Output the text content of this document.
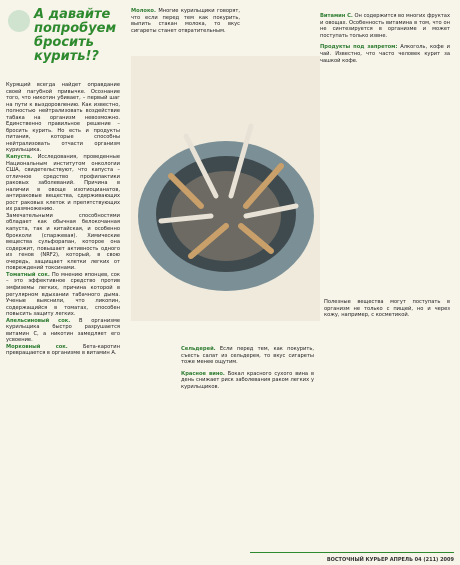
А давайте попробуем бросить курить!?

Курящий всегда найдет оправдание своей пагубной привычке. Осознание того, что никотин убивает, – первый шаг на пути к выздоровлению. Как известно, полностью нейтрализовать воздействие табака на организм невозможно. Единственно правильное решение – бросить курить. Но есть и продукты питания, которые способны нейтрализовать отчасти организм курильщика.

Капуста. Исследования, проведенные Национальным институтом онкологии США, свидетельствуют, что капуста – отличное средство профилактики раковых заболеваний. Причина в наличии в овоще изотиоцианатов, антираковые вещества, сдерживающих рост раковых клеток и препятствующих их размножению.

Замечательными способностями обладает как обычная белокочанная капуста, так и китайская, и особенно брокколи (спаржевая). Химические вещества сульфорапан, которое она содержит, повышает активность одного из генов (NRF2), который, в свою очередь, защищает клетки легких от повреждений токсинами.

Томатный сок. По мнению японцев, сок – это эффективное средство против эмфиземы легких, причина которой в регулярном вдыхании табачного дыма. Ученые выяснили, что ликопин, содержащийся в томатах, способен повысить защиту легких.

Апельсиновый сок. В организме курильщика быстро разрушается витамин С, а никотин замедляет его усвоение.

Морковный сок.	Бета-каротин превращается в организме в витамин А.

Молоко. Многие курильщики говорят, что если перед тем как покурить, выпить стакан молока, то вкус сигареты станет отвратительным.

Витамин С. Он содержится во многих фруктах и овощах. Особенность витамина в том, что он не синтезируется в организме и может поступать только извне.

Продукты под запретом: Алкоголь, кофе и чай. Известно, что часто человек курит за чашкой кофе.

Сельдерей. Если перед тем, как покурить, съесть салат из сельдерея, то вкус сигареты тоже менее ощутим.

Красное вино. Бокал красного сухого вина в день снижает риск заболевания раком легких у курильщиков.

Полезные вещества могут поступать в организм не только с пищей, но и через кожу, например, с косметикой.

ВОСТОЧНЫЙ КУРЬЕР АПРЕЛЬ 04 (211) 2009
